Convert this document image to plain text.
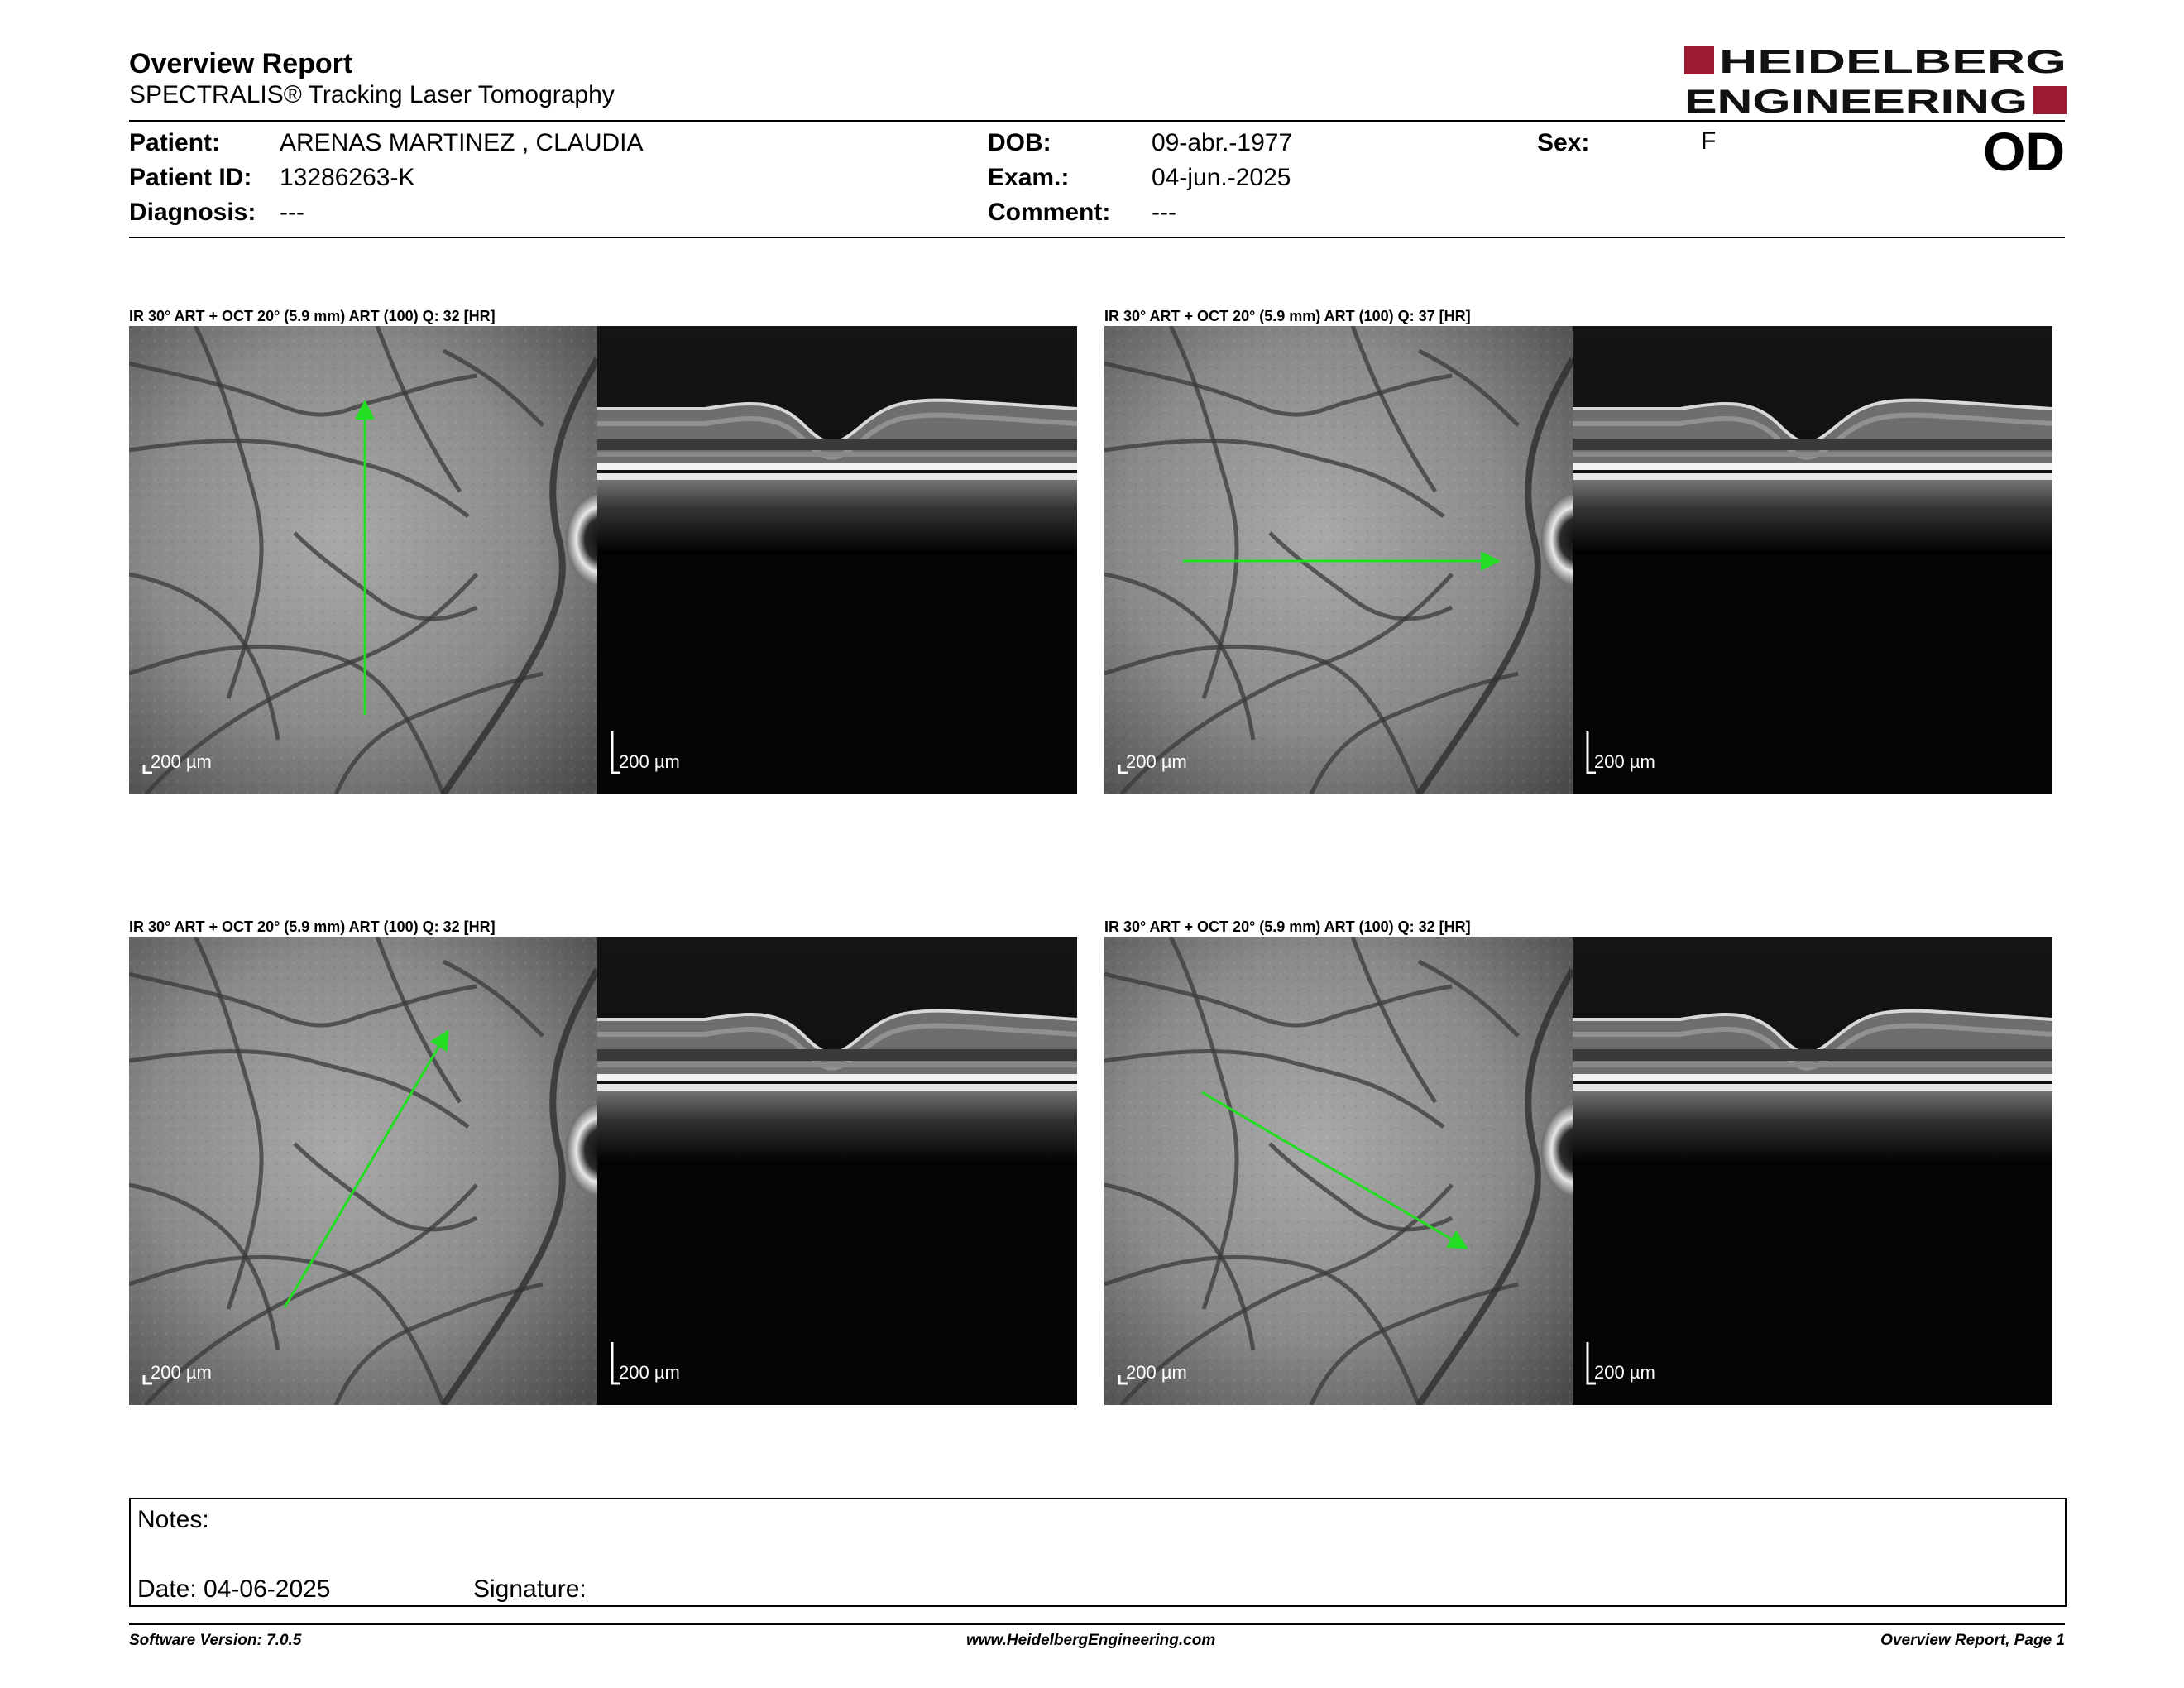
Overview Report
SPECTRALIS® Tracking Laser Tomography
HEIDELBERG
ENGINEERING
Patient: ARENAS MARTINEZ , CLAUDIA
Patient ID: 13286263-K
Diagnosis: ---
DOB:	09-abr.-1977
Exam.:	04-jun.-2025
Comment: ---
Sex:	F	OD
IR 30° ART + OCT 20° (5.9 mm) ART (100) Q: 32 [HR]	IR 30° ART + OCT 20° (5.9 mm) ART (100) Q: 37 [HR]
IR 30° ART + OCT 20° (5.9 mm) ART (100) Q: 32 [HR]	IR 30° ART + OCT 20° (5.9 mm) ART (100) Q: 32 [HR]
200 µm	200 µm	200 µm	200 µm
200 µm	200 µm	200 µm	200 µm
Notes:
Date: 04-06-2025	Signature:
Software Version: 7.0.5	www.HeidelbergEngineering.com	Overview Report, Page 1
